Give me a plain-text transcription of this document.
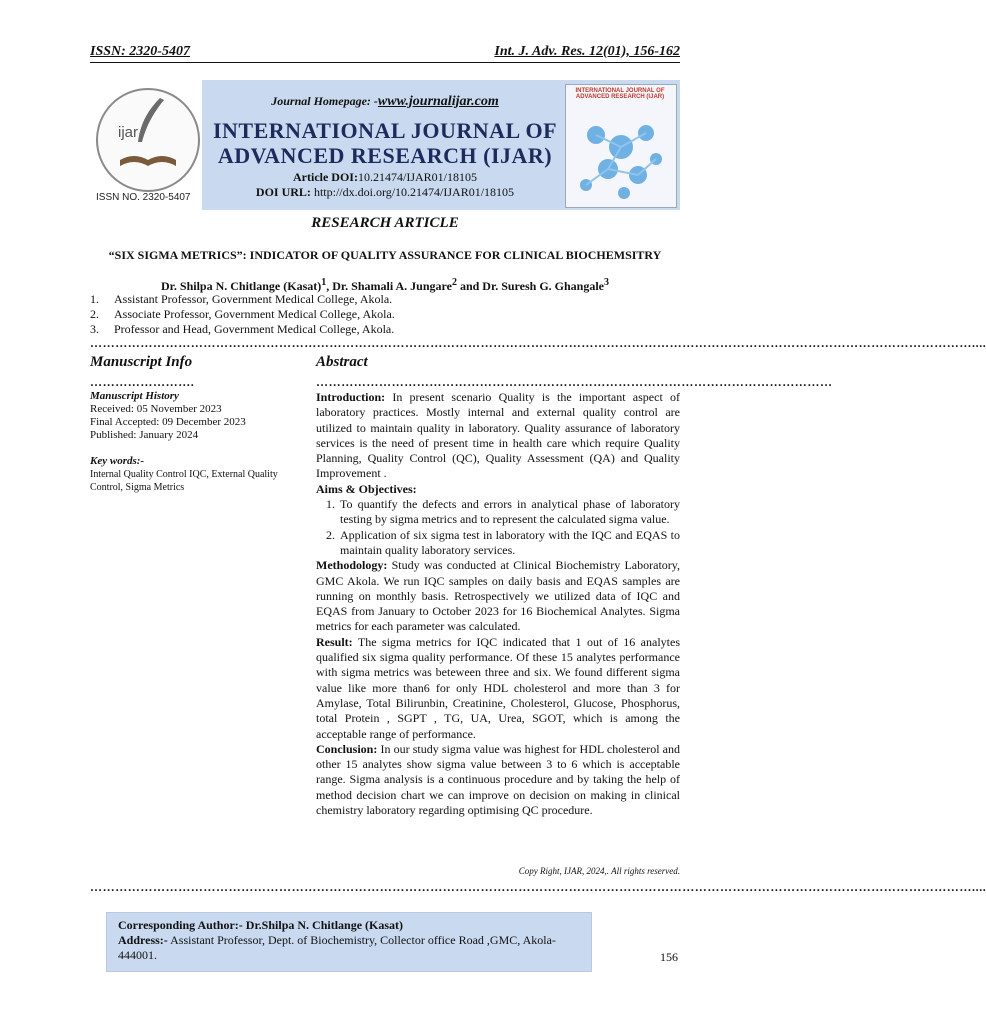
ISSN: 2320-5407	Int. J. Adv. Res. 12(01), 156-162
ijar
ISSN NO. 2320-5407
Journal Homepage: -www.journalijar.com
INTERNATIONAL JOURNAL OF
ADVANCED RESEARCH (IJAR)
Article DOI:10.21474/IJAR01/18105
DOI URL: http://dx.doi.org/10.21474/IJAR01/18105
INTERNATIONAL JOURNAL OF ADVANCED RESEARCH (IJAR)
RESEARCH ARTICLE
“SIX SIGMA METRICS”: INDICATOR OF QUALITY ASSURANCE FOR CLINICAL BIOCHEMSITRY
Dr. Shilpa N. Chitlange (Kasat)$^1$, Dr. Shamali A. Jungare$^2$ and Dr. Suresh G. Ghangale$^3$
1.	Assistant Professor, Government Medical College, Akola.
2.	Associate Professor, Government Medical College, Akola.
3.	Professor and Head, Government Medical College, Akola.
…………………………………………………………………………………………………………………………………………………………………………………………....
Manuscript Info
…………………….
Manuscript History
Received: 05 November 2023
Final Accepted: 09 December 2023
Published: January 2024
Key words:-
Internal Quality Control IQC, External Quality Control, Sigma Metrics
Abstract
……………………………………………………………………………………………………………

Introduction: In present scenario Quality is the important aspect of laboratory practices. Mostly internal and external quality control are utilized to maintain quality in laboratory. Quality assurance of laboratory services is the need of present time in health care which require Quality Planning, Quality Control (QC), Quality Assessment (QA) and Quality Improvement .

Aims & Objectives:

1. To quantify the defects and errors in analytical phase of laboratory testing by sigma metrics and to represent the calculated sigma value.
2. Application of six sigma test in laboratory with the IQC and EQAS to maintain quality laboratory services.

Methodology: Study was conducted at Clinical Biochemistry Laboratory, GMC Akola. We run IQC samples on daily basis and EQAS samples are running on monthly basis. Retrospectively we utilized data of IQC and EQAS from January to October 2023 for 16 Biochemical Analytes. Sigma metrics for each parameter was calculated.

Result: The sigma metrics for IQC indicated that 1 out of 16 analytes qualified six sigma quality performance. Of these 15 analytes performance with sigma metrics was beteween three and six. We found different sigma value like more than6 for only HDL cholesterol and more than 3 for Amylase, Total Bilirunbin, Creatinine, Cholesterol, Glucose, Phosphorus, total Protein , SGPT , TG, UA, Urea, SGOT, which is among the acceptable range of performance.

Conclusion: In our study sigma value was highest for HDL cholesterol and other 15 analytes show sigma value between 3 to 6 which is acceptable range. Sigma analysis is a continuous procedure and by taking the help of method decision chart we can improve on decision on making in clinical chemistry laboratory regarding optimising QC procedure.

Copy Right, IJAR, 2024,. All rights reserved.
…………………………………………………………………………………………………………………………………………………………………………………………....
Corresponding Author:- Dr.Shilpa N. Chitlange (Kasat)
Address:- Assistant Professor, Dept. of Biochemistry, Collector office Road ,GMC, Akola-444001.	156
